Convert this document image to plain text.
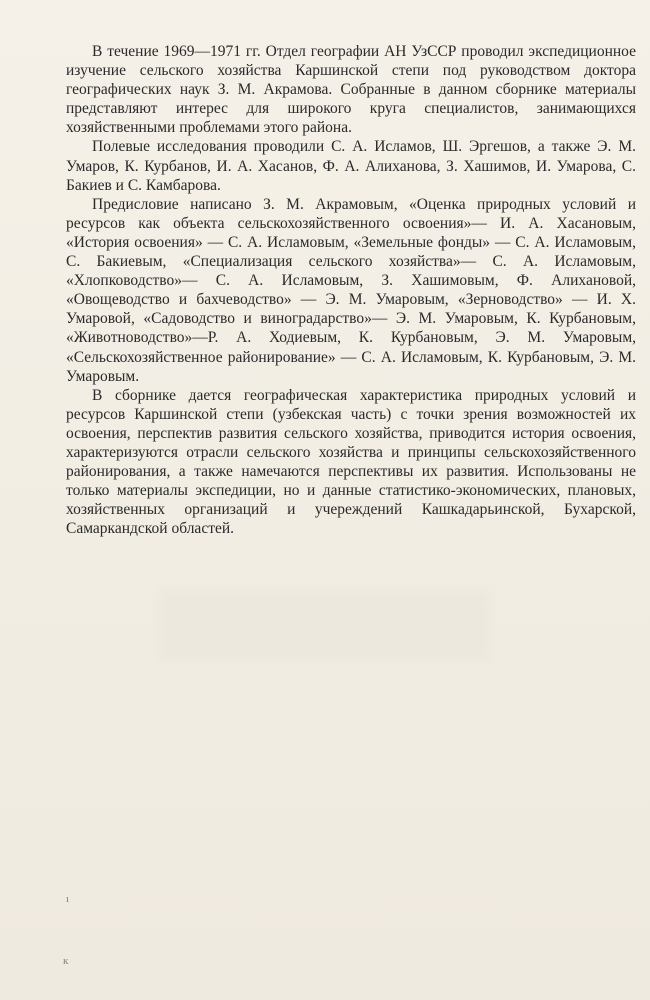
В течение 1969—1971 гг. Отдел географии АН УзССР проводил экспедиционное изучение сельского хозяйства Каршинской степи под руководством доктора географических наук З. М. Акрамова. Собранные в данном сборнике материалы представляют интерес для широкого круга специалистов, занимающихся хозяйственными проблемами этого района.

Полевые исследования проводили С. А. Исламов, Ш. Эргешов, а также Э. М. Умаров, К. Курбанов, И. А. Хасанов, Ф. А. Алиханова, З. Хашимов, И. Умарова, С. Бакиев и С. Камбарова.

Предисловие написано З. М. Акрамовым, «Оценка природных условий и ресурсов как объекта сельскохозяйственного освоения»— И. А. Хасановым, «История освоения» — С. А. Исламовым, «Земельные фонды» — С. А. Исламовым, С. Бакиевым, «Специализация сельского хозяйства»— С. А. Исламовым, «Хлопководство»— С. А. Исламовым, З. Хашимовым, Ф. Алихановой, «Овощеводство и бахчеводство» — Э. М. Умаровым, «Зерноводство» — И. Х. Умаровой, «Садоводство и виноградарство»— Э. М. Умаровым, К. Курбановым, «Животноводство»—Р. А. Ходиевым, К. Курбановым, Э. М. Умаровым, «Сельскохозяйственное районирование» — С. А. Исламовым, К. Курбановым, Э. М. Умаровым.

В сборнике дается географическая характеристика природных условий и ресурсов Каршинской степи (узбекская часть) с точки зрения возможностей их освоения, перспектив развития сельского хозяйства, приводится история освоения, характеризуются отрасли сельского хозяйства и принципы сельскохозяйственного районирования, а также намечаются перспективы их развития. Использованы не только материалы экспедиции, но и данные статистико-экономических, плановых, хозяйственных организаций и учереждений Кашкадарьинской, Бухарской, Самаркандской областей.

ı
к
